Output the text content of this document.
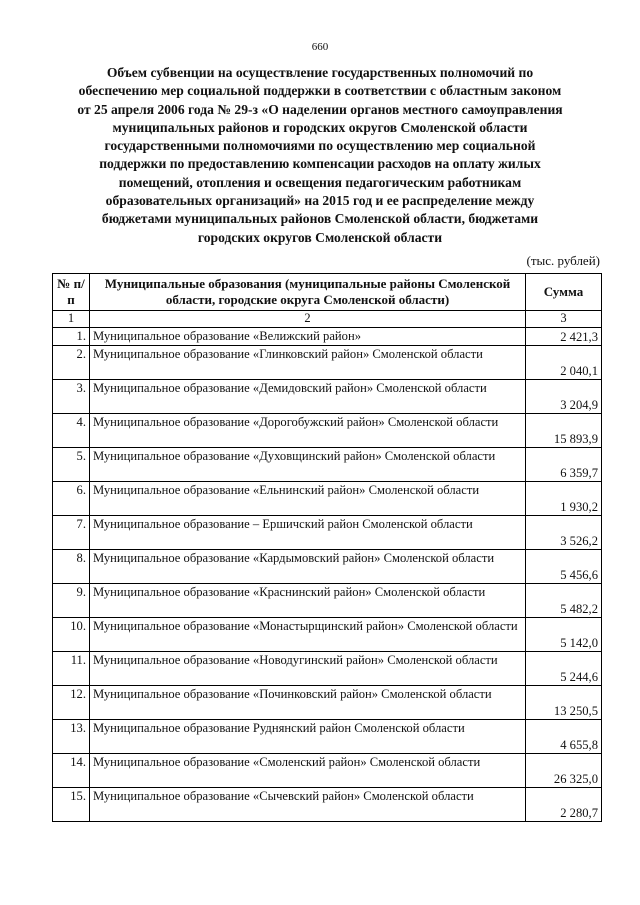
660
Объем субвенции на осуществление государственных полномочий по
обеспечению мер социальной поддержки в соответствии с областным законом
от 25 апреля 2006 года № 29-з «О наделении органов местного самоуправления
муниципальных районов и городских округов Смоленской области
государственными полномочиями по осуществлению мер социальной
поддержки по предоставлению компенсации расходов на оплату жилых
помещений, отопления и освещения педагогическим работникам
образовательных организаций» на 2015 год и ее распределение между
бюджетами муниципальных районов Смоленской области, бюджетами
городских округов Смоленской области
(тыс. рублей)
№ п/п	Муниципальные образования (муниципальные районы Смоленской области, городские округа Смоленской области)	Сумма
1	2	3
1.	Муниципальное образование «Велижский район»	2 421,3
2.	Муниципальное образование «Глинковский район» Смоленской области	2 040,1
3.	Муниципальное образование «Демидовский район» Смоленской области	3 204,9
4.	Муниципальное образование «Дорогобужский район» Смоленской области	15 893,9
5.	Муниципальное образование «Духовщинский район» Смоленской области	6 359,7
6.	Муниципальное образование «Ельнинский район» Смоленской области	1 930,2
7.	Муниципальное образование – Ершичский район Смоленской области	3 526,2
8.	Муниципальное образование «Кардымовский район» Смоленской области	5 456,6
9.	Муниципальное образование «Краснинский район» Смоленской области	5 482,2
10.	Муниципальное образование «Монастырщинский район» Смоленской области	5 142,0
11.	Муниципальное образование «Новодугинский район» Смоленской области	5 244,6
12.	Муниципальное образование «Починковский район» Смоленской области	13 250,5
13.	Муниципальное образование Руднянский район Смоленской области	4 655,8
14.	Муниципальное образование «Смоленский район» Смоленской области	26 325,0
15.	Муниципальное образование «Сычевский район» Смоленской области	2 280,7
